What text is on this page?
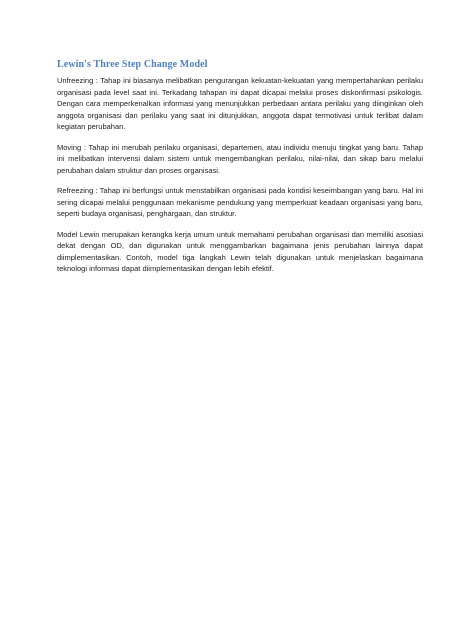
Lewin's Three Step Change Model

Unfreezing : Tahap ini biasanya melibatkan pengurangan kekuatan-kekuatan yang mempertahankan perilaku organisasi pada level saat ini. Terkadang tahapan ini dapat dicapai melalui proses diskonfirmasi psikologis. Dengan cara memperkenalkan informasi yang menunjukkan perbedaan antara perilaku yang diinginkan oleh anggota organisasi dan perilaku yang saat ini ditunjukkan, anggota dapat termotivasi untuk terlibat dalam kegiatan perubahan.

Moving : Tahap ini merubah perilaku organisasi, departemen, atau individu menuju tingkat yang baru. Tahap ini melibatkan intervensi dalam sistem untuk mengembangkan perilaku, nilai-nilai, dan sikap baru melalui perubahan dalam struktur dan proses organisasi.

Refreezing : Tahap ini berfungsi untuk menstabilkan organisasi pada kondisi keseimbangan yang baru. Hal ini sering dicapai melalui penggunaan mekanisme pendukung yang memperkuat keadaan organisasi yang baru, seperti budaya organisasi, penghargaan, dan struktur.

Model Lewin merupakan kerangka kerja umum untuk memahami perubahan organisasi dan memiliki asosiasi dekat dengan OD, dan digunakan untuk menggambarkan bagaimana jenis perubahan lainnya dapat diimplementasikan. Contoh, model tiga langkah Lewin telah digunakan untuk menjelaskan bagaimana teknologi informasi dapat diimplementasikan dengan lebih efektif.
